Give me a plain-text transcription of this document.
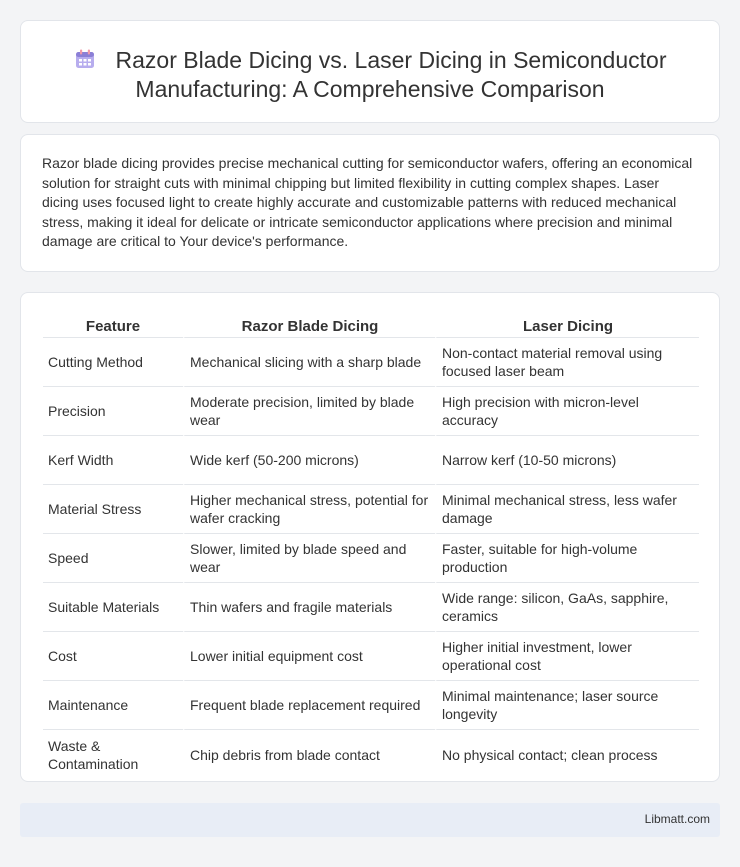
Razor Blade Dicing vs. Laser Dicing in Semiconductor
Manufacturing: A Comprehensive Comparison

Razor blade dicing provides precise mechanical cutting for semiconductor wafers, offering an economical solution for straight cuts with minimal chipping but limited flexibility in cutting complex shapes. Laser dicing uses focused light to create highly accurate and customizable patterns with reduced mechanical stress, making it ideal for delicate or intricate semiconductor applications where precision and minimal damage are critical to Your device's performance.

Feature	Razor Blade Dicing	Laser Dicing
Cutting Method	Mechanical slicing with a sharp blade	Non-contact material removal using focused laser beam
Precision	Moderate precision, limited by blade wear	High precision with micron-level accuracy
Kerf Width	Wide kerf (50-200 microns)	Narrow kerf (10-50 microns)
Material Stress	Higher mechanical stress, potential for wafer cracking	Minimal mechanical stress, less wafer damage
Speed	Slower, limited by blade speed and wear	Faster, suitable for high-volume production
Suitable Materials	Thin wafers and fragile materials	Wide range: silicon, GaAs, sapphire, ceramics
Cost	Lower initial equipment cost	Higher initial investment, lower operational cost
Maintenance	Frequent blade replacement required	Minimal maintenance; laser source longevity
Waste & Contamination	Chip debris from blade contact	No physical contact; clean process
Libmatt.com
